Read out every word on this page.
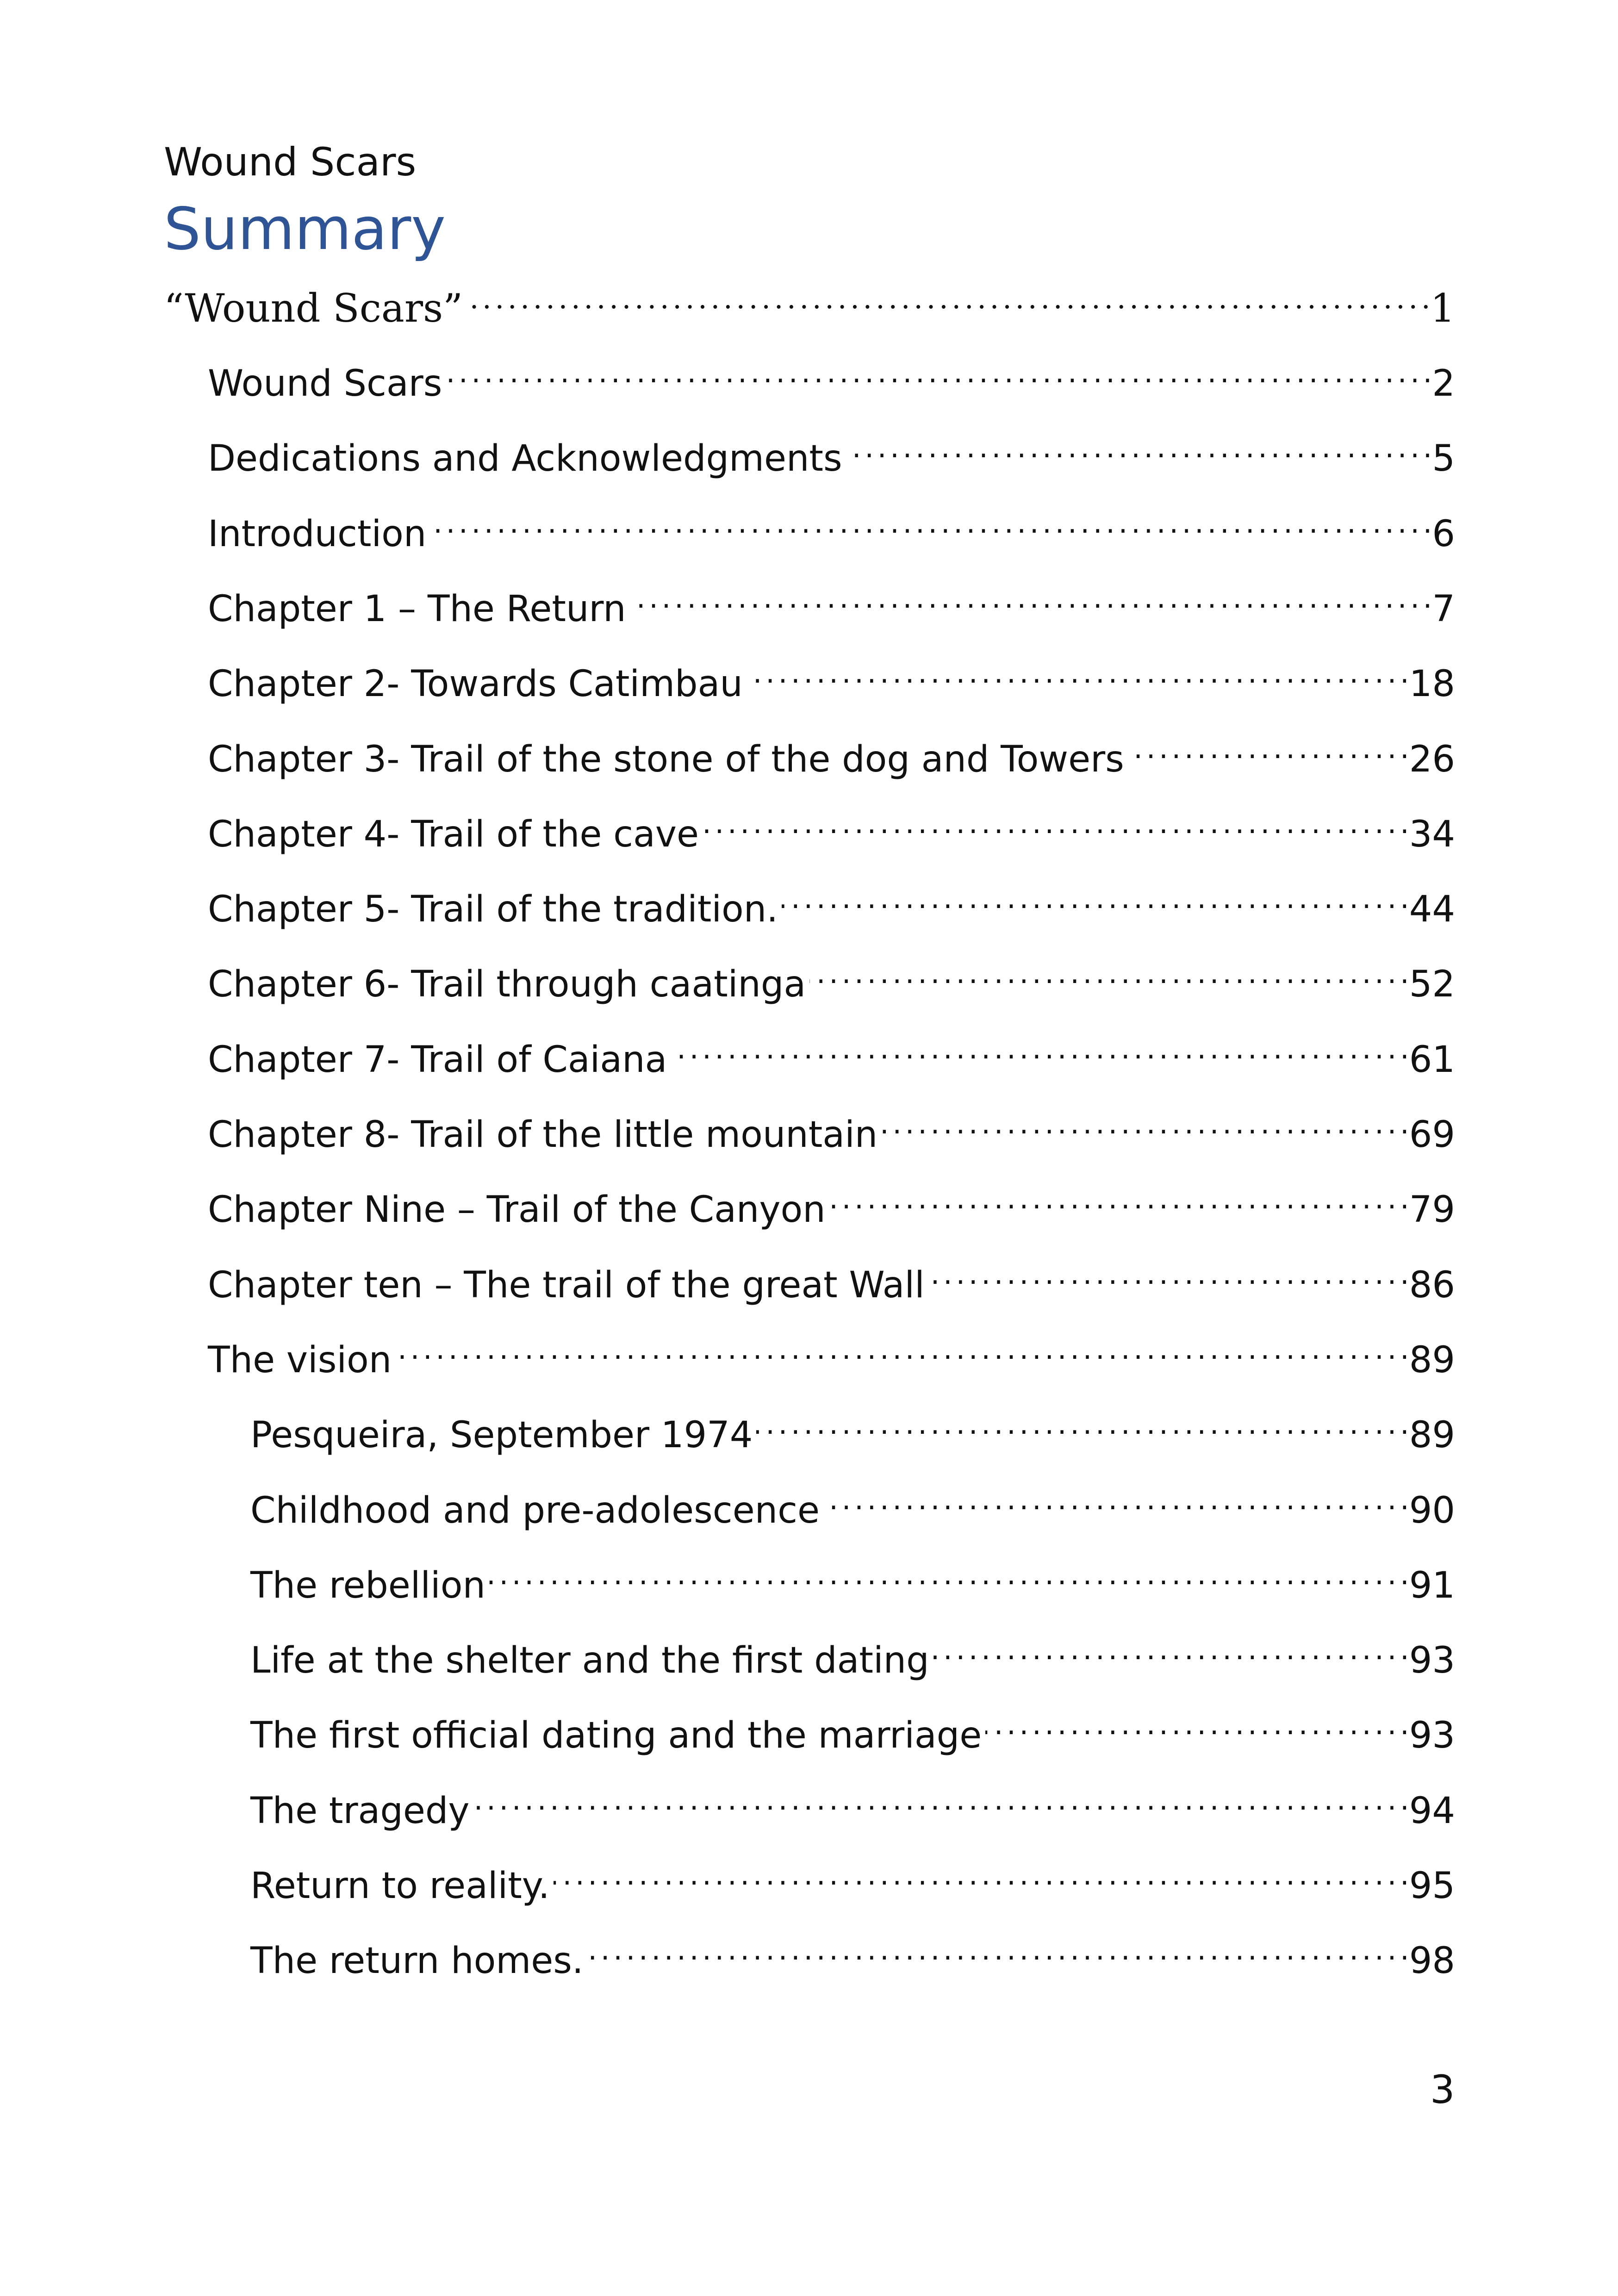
Wound Scars
Summary
“Wound Scars” . . .	1
Wound Scars . . .	2
Dedications and Acknowledgments . . .	5
Introduction . . .	6
Chapter 1 – The Return . . .	7
Chapter 2- Towards Catimbau . . .	18
Chapter 3- Trail of the stone of the dog and Towers . . .	26
Chapter 4- Trail of the cave . . .	34
Chapter 5- Trail of the tradition. . . .	44
Chapter 6- Trail through caatinga . . .	52
Chapter 7- Trail of Caiana . . .	61
Chapter 8- Trail of the little mountain . . .	69
Chapter Nine – Trail of the Canyon . . .	79
Chapter ten – The trail of the great Wall . . .	86
The vision . . .	89
Pesqueira, September 1974 . . .	89
Childhood and pre-adolescence . . .	90
The rebellion . . .	91
Life at the shelter and the first dating . . .	93
The first official dating and the marriage . . .	93
The tragedy . . .	94
Return to reality. . . .	95
The return homes. . . .	98
3
